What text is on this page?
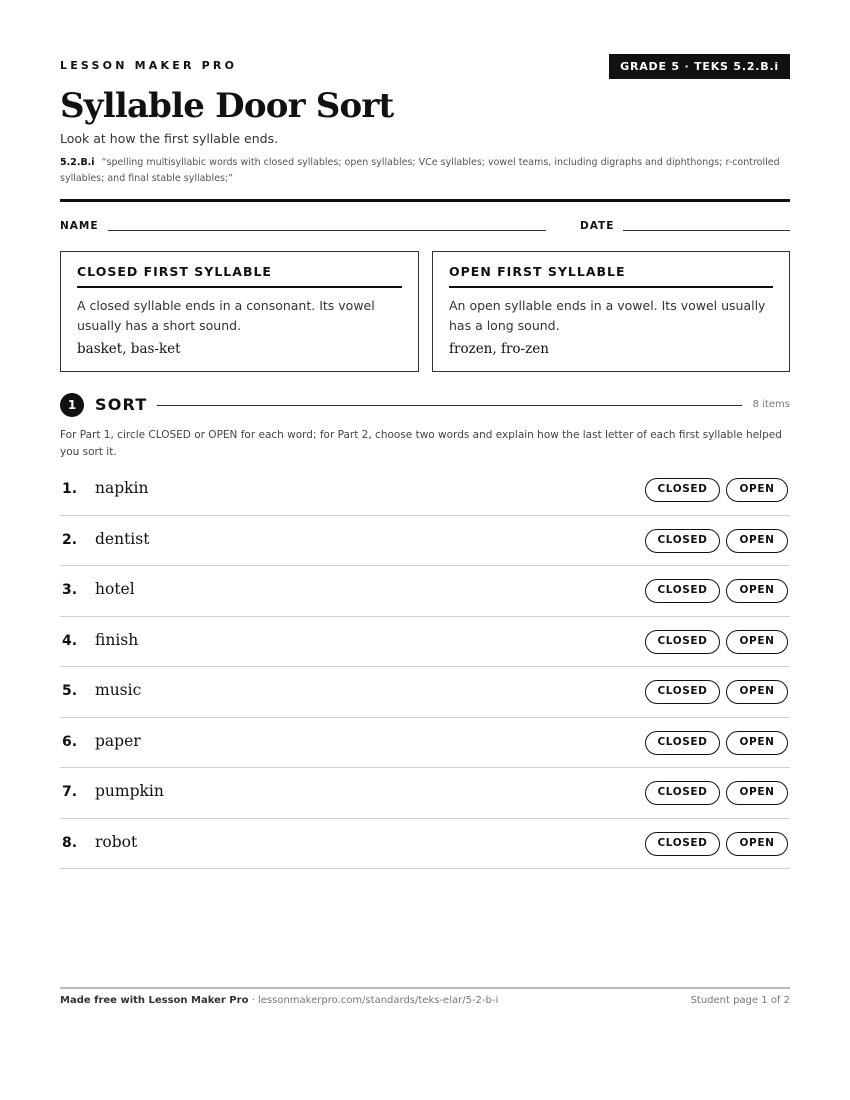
LESSON MAKER PRO	GRADE 5 · TEKS 5.2.B.i
Syllable Door Sort
Look at how the first syllable ends.
5.2.B.i “spelling multisyllabic words with closed syllables; open syllables; VCe syllables; vowel teams, including digraphs and diphthongs; r-controlled syllables; and final stable syllables;”
NAME	DATE
CLOSED FIRST SYLLABLE
A closed syllable ends in a consonant. Its vowel usually has a short sound.
basket, bas-ket
OPEN FIRST SYLLABLE
An open syllable ends in a vowel. Its vowel usually has a long sound.
frozen, fro-zen
1	SORT	8 items
For Part 1, circle CLOSED or OPEN for each word; for Part 2, choose two words and explain how the last letter of each first syllable helped you sort it.
1. napkin	CLOSED	OPEN
2. dentist	CLOSED	OPEN
3. hotel	CLOSED	OPEN
4. finish	CLOSED	OPEN
5. music	CLOSED	OPEN
6. paper	CLOSED	OPEN
7. pumpkin	CLOSED	OPEN
8. robot	CLOSED	OPEN
Made free with Lesson Maker Pro · lessonmakerpro.com/standards/teks-elar/5-2-b-i	Student page 1 of 2
